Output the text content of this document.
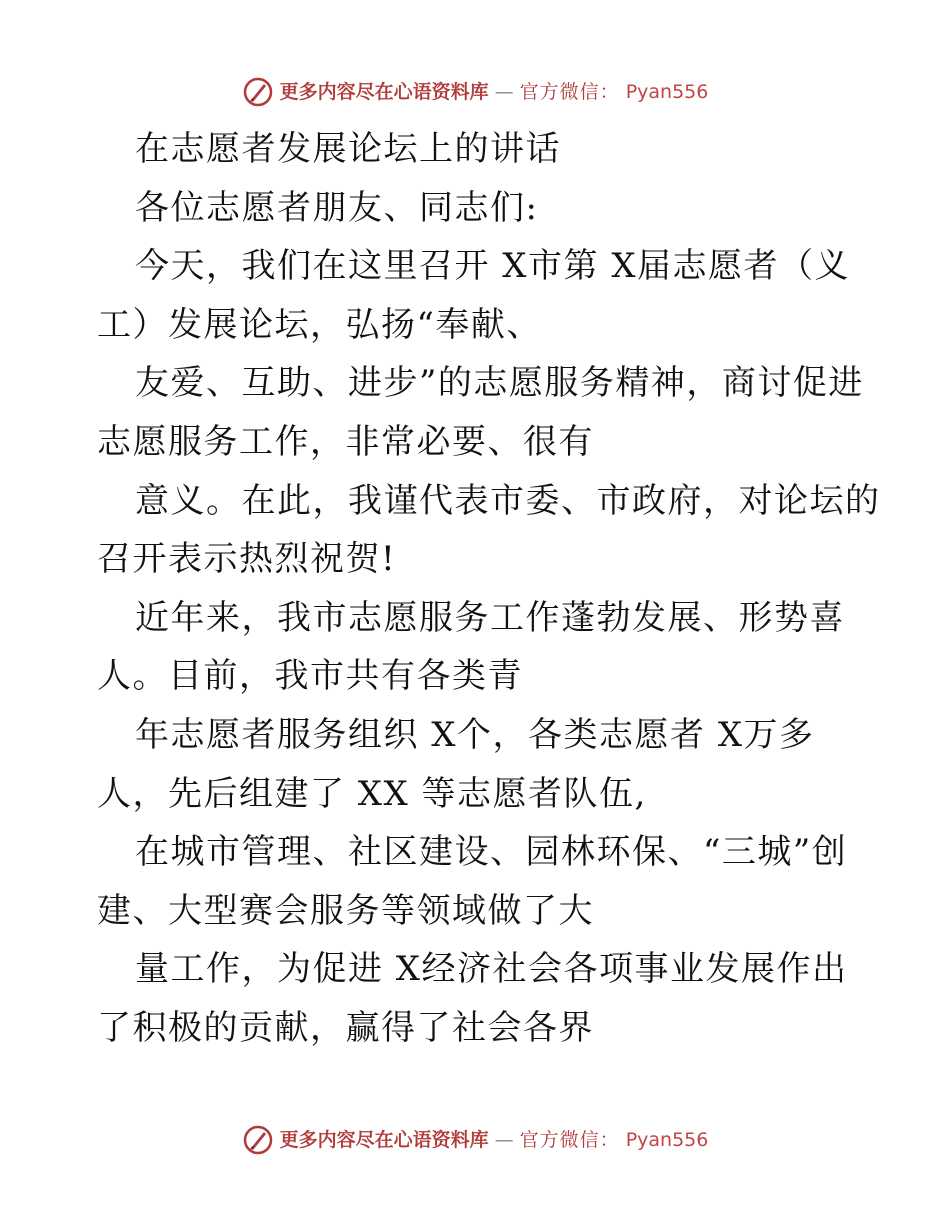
更多内容尽在心语资料库 — 官方微信： Pyan556
在志愿者发展论坛上的讲话
各位志愿者朋友、同志们:
今天，我们在这里召开 X市第 X届志愿者（义
工）发展论坛，弘扬“奉献、
友爱、互助、进步”的志愿服务精神，商讨促进
志愿服务工作，非常必要、很有
意义。在此，我谨代表市委、市政府，对论坛的
召开表示热烈祝贺!
近年来，我市志愿服务工作蓬勃发展、形势喜
人。目前，我市共有各类青
年志愿者服务组织 X个，各类志愿者 X万多
人，先后组建了 XX 等志愿者队伍,
在城市管理、社区建设、园林环保、“三城”创
建、大型赛会服务等领域做了大
量工作，为促进 X经济社会各项事业发展作出
了积极的贡献，赢得了社会各界
更多内容尽在心语资料库 — 官方微信： Pyan556
